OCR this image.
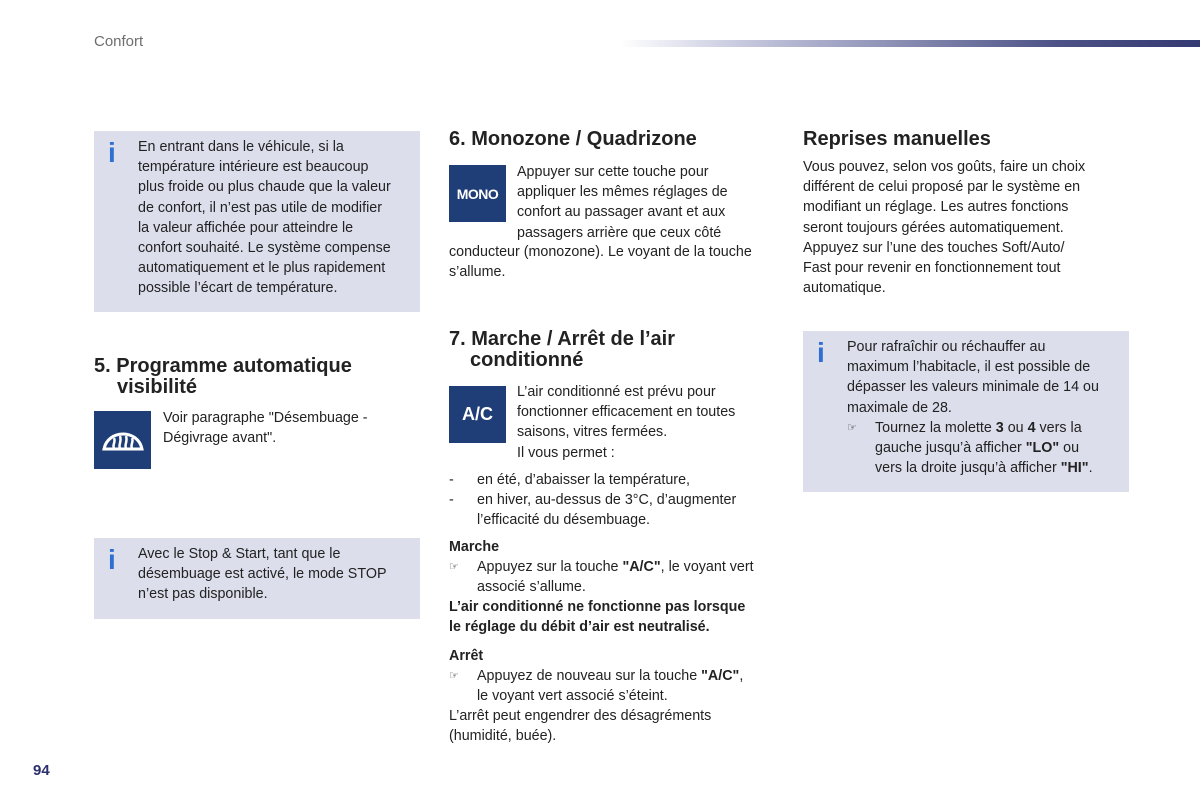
Confort
i En entrant dans le véhicule, si la
température intérieure est beaucoup
plus froide ou plus chaude que la valeur
de confort, il n’est pas utile de modifier
la valeur affichée pour atteindre le
confort souhaité. Le système compense
automatiquement et le plus rapidement
possible l’écart de température.
5. Programme automatique
visibilité
Voir paragraphe "Désembuage -
Dégivrage avant".
i Avec le Stop & Start, tant que le
désembuage est activé, le mode STOP
n’est pas disponible.
6. Monozone / Quadrizone
MONO
Appuyer sur cette touche pour
appliquer les mêmes réglages de
confort au passager avant et aux
passagers arrière que ceux côté
conducteur (monozone). Le voyant de la touche
s’allume.
7. Marche / Arrêt de l’air
conditionné
A/C
L’air conditionné est prévu pour
fonctionner efficacement en toutes
saisons, vitres fermées.
Il vous permet :
- en été, d’abaisser la température,
- en hiver, au-dessus de 3°C, d’augmenter
l’efficacité du désembuage.
Marche
☞ Appuyez sur la touche "A/C", le voyant vert
associé s’allume.
L’air conditionné ne fonctionne pas lorsque
le réglage du débit d’air est neutralisé.
Arrêt
☞ Appuyez de nouveau sur la touche "A/C",
le voyant vert associé s’éteint.
L’arrêt peut engendrer des désagréments
(humidité, buée).
Reprises manuelles
Vous pouvez, selon vos goûts, faire un choix
différent de celui proposé par le système en
modifiant un réglage. Les autres fonctions
seront toujours gérées automatiquement.
Appuyez sur l’une des touches Soft/Auto/
Fast pour revenir en fonctionnement tout
automatique.
i Pour rafraîchir ou réchauffer au
maximum l’habitacle, il est possible de
dépasser les valeurs minimale de 14 ou
maximale de 28.
☞ Tournez la molette 3 ou 4 vers la
gauche jusqu’à afficher "LO" ou
vers la droite jusqu’à afficher "HI".
94
